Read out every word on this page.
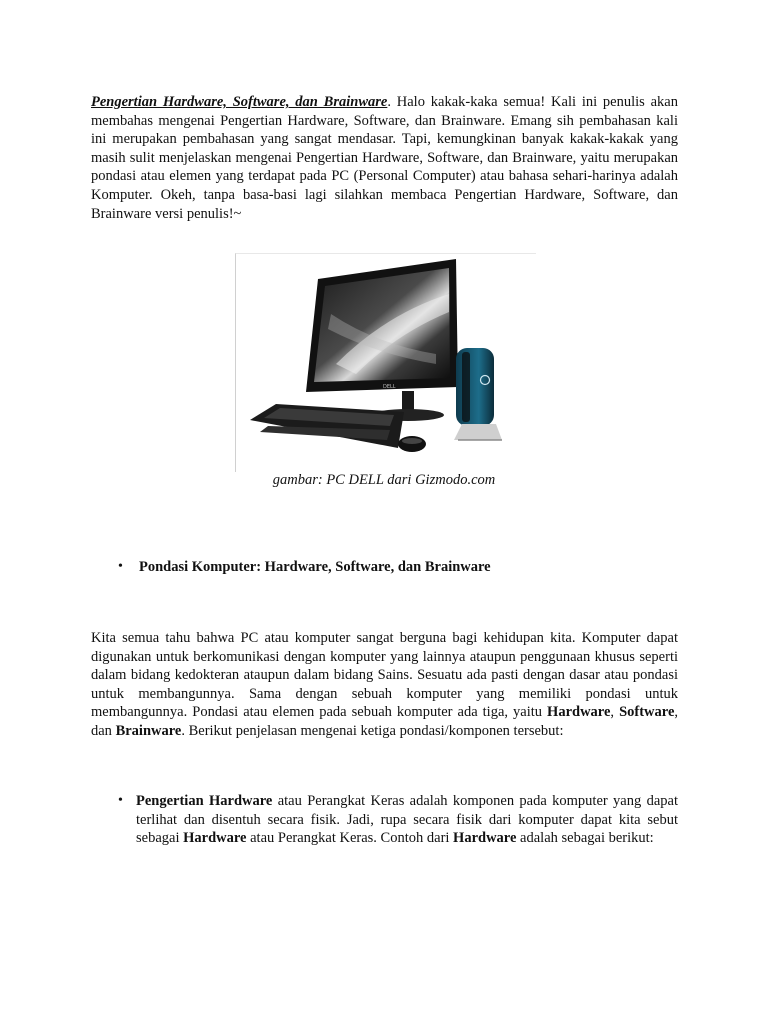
Pengertian Hardware, Software, dan Brainware. Halo kakak-kaka semua! Kali ini penulis akan membahas mengenai Pengertian Hardware, Software, dan Brainware. Emang sih pembahasan kali ini merupakan pembahasan yang sangat mendasar. Tapi, kemungkinan banyak kakak-kakak yang masih sulit menjelaskan mengenai Pengertian Hardware, Software, dan Brainware, yaitu merupakan pondasi atau elemen yang terdapat pada PC (Personal Computer) atau bahasa sehari-harinya adalah Komputer. Okeh, tanpa basa-basi lagi silahkan membaca Pengertian Hardware, Software, dan Brainware versi penulis!~
DELL
gambar: PC DELL dari Gizmodo.com
• Pondasi Komputer: Hardware, Software, dan Brainware
Kita semua tahu bahwa PC atau komputer sangat berguna bagi kehidupan kita. Komputer dapat digunakan untuk berkomunikasi dengan komputer yang lainnya ataupun penggunaan khusus seperti dalam bidang kedokteran ataupun dalam bidang Sains. Sesuatu ada pasti dengan dasar atau pondasi untuk membangunnya. Sama dengan sebuah komputer yang memiliki pondasi untuk membangunnya. Pondasi atau elemen pada sebuah komputer ada tiga, yaitu Hardware, Software, dan Brainware. Berikut penjelasan mengenai ketiga pondasi/komponen tersebut:
• Pengertian Hardware atau Perangkat Keras adalah komponen pada komputer yang dapat terlihat dan disentuh secara fisik. Jadi, rupa secara fisik dari komputer dapat kita sebut sebagai Hardware atau Perangkat Keras. Contoh dari Hardware adalah sebagai berikut:
